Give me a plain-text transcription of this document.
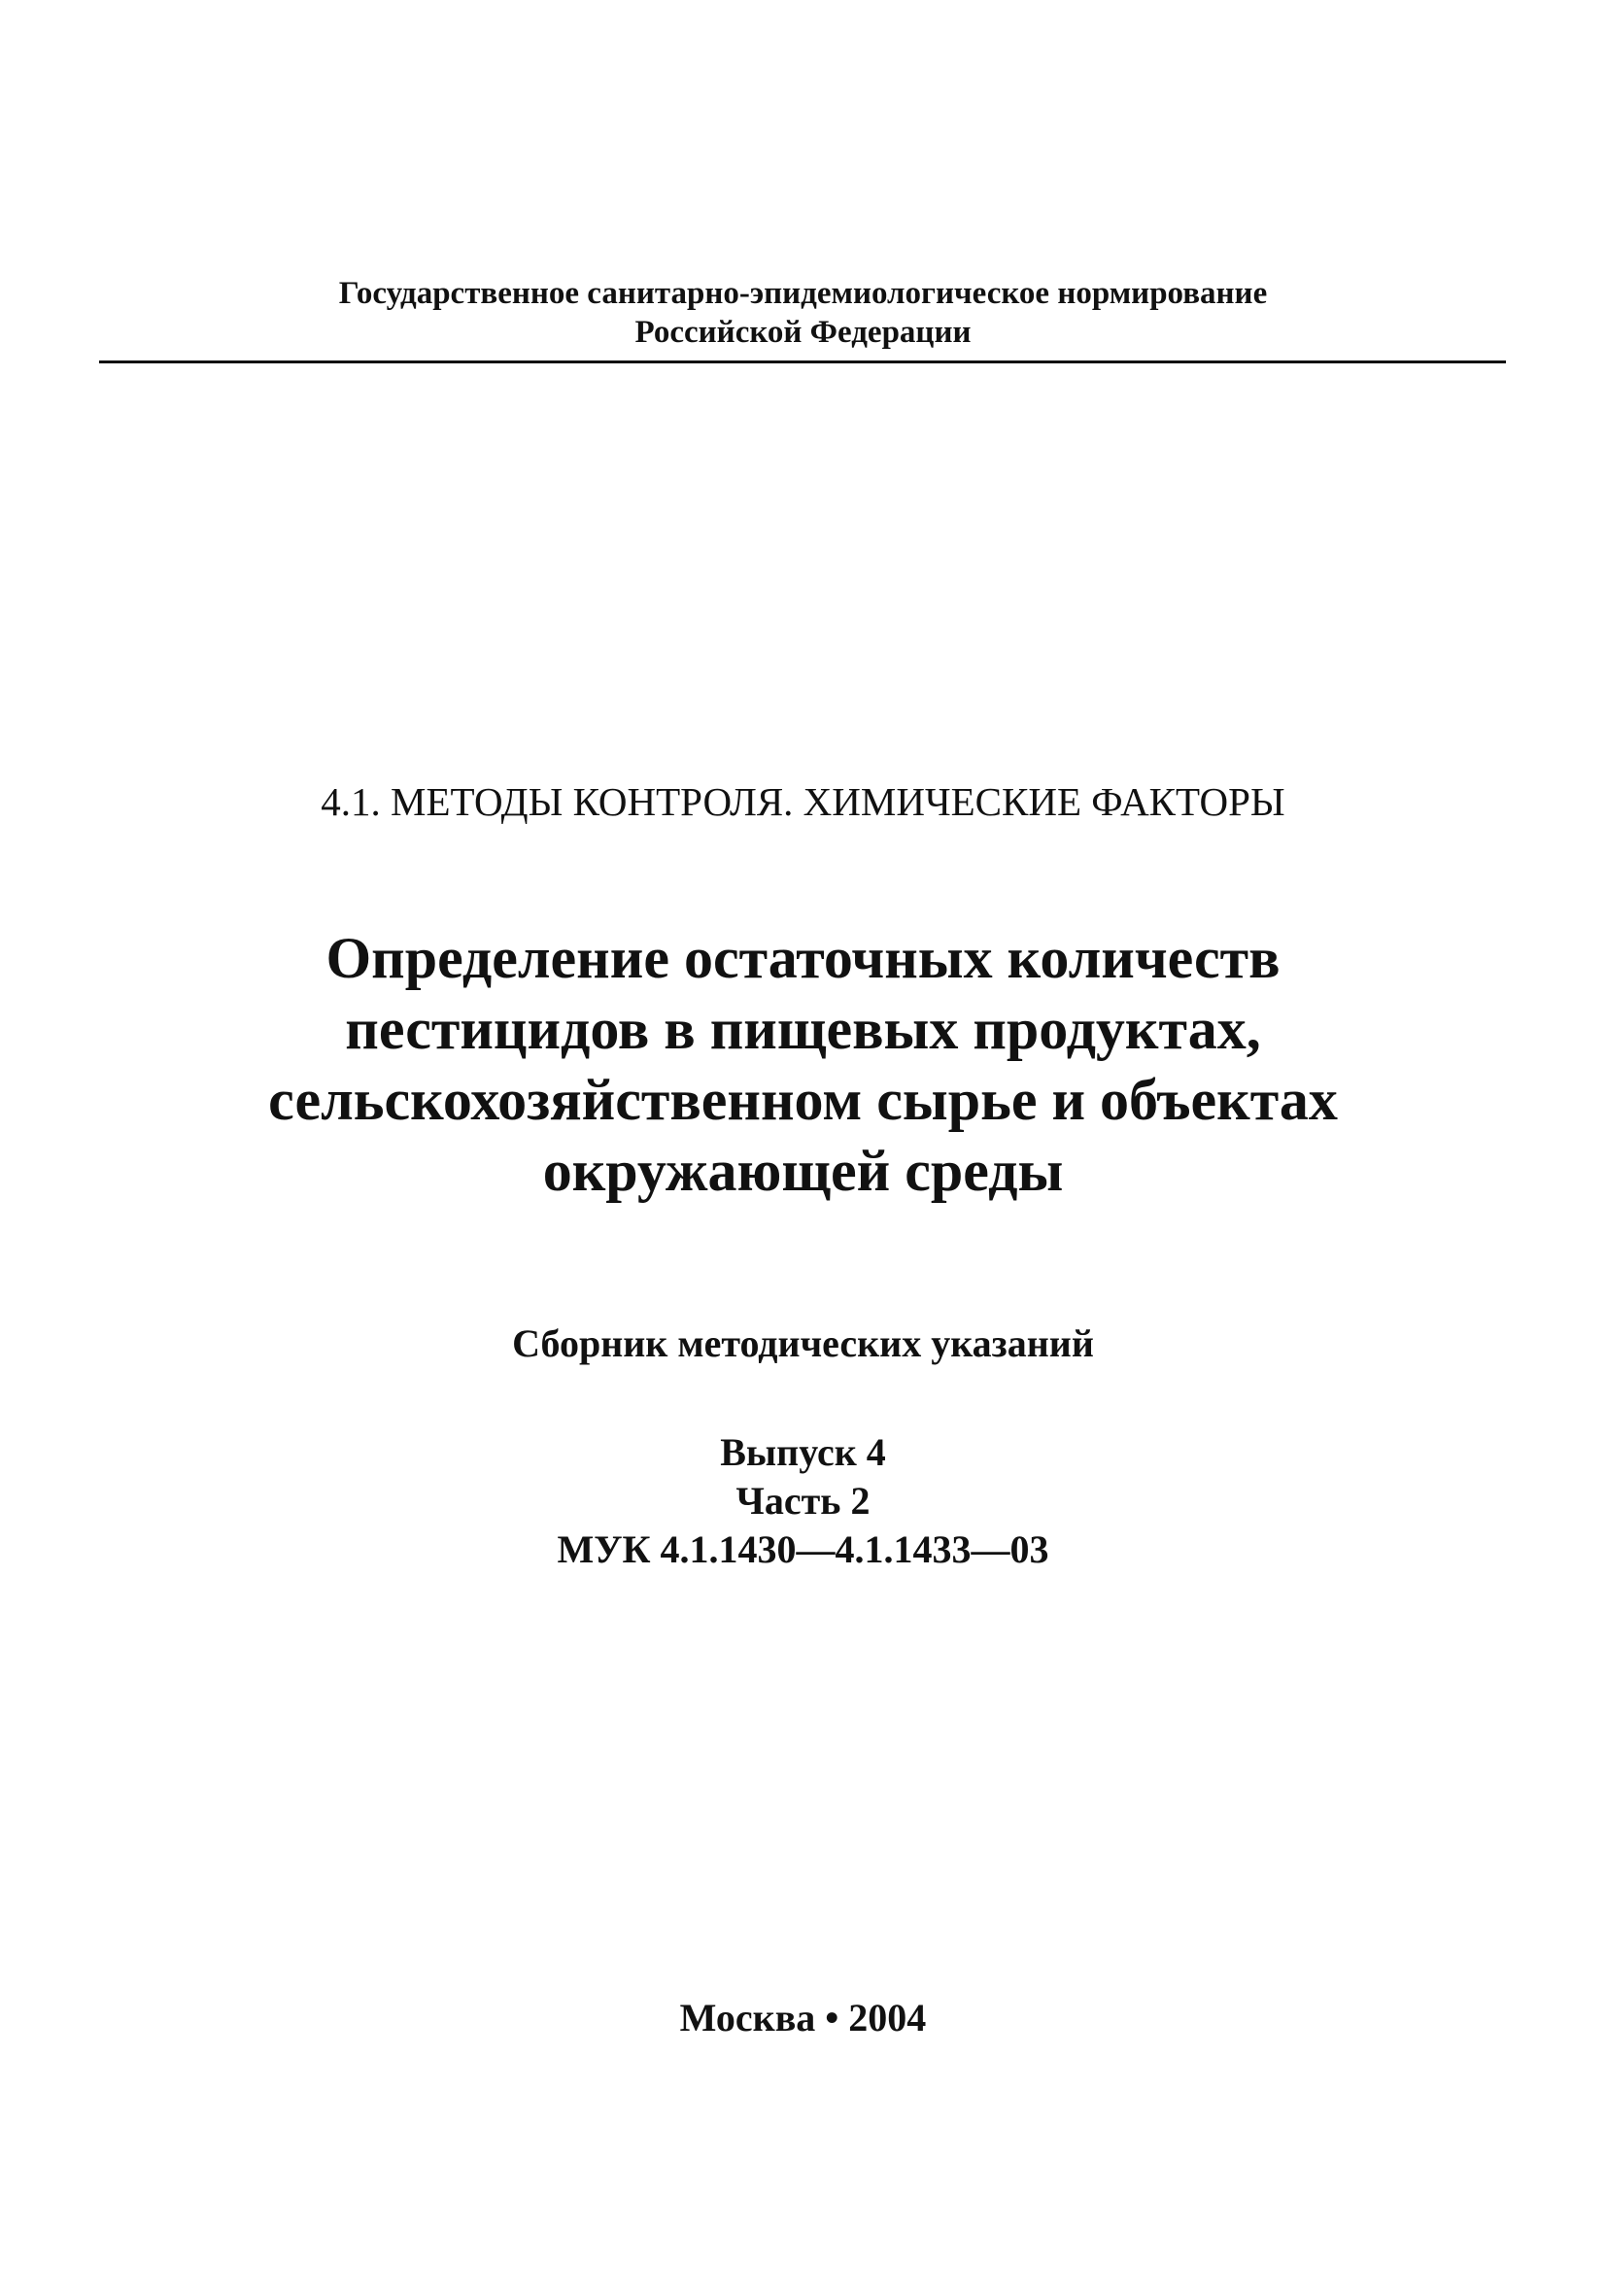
Государственное санитарно-эпидемиологическое нормирование
Российской Федерации
4.1. МЕТОДЫ КОНТРОЛЯ. ХИМИЧЕСКИЕ ФАКТОРЫ
Определение остаточных количеств
пестицидов в пищевых продуктах,
сельскохозяйственном сырье и объектах
окружающей среды
Сборник методических указаний
Выпуск 4
Часть 2
МУК 4.1.1430—4.1.1433—03
Москва • 2004
